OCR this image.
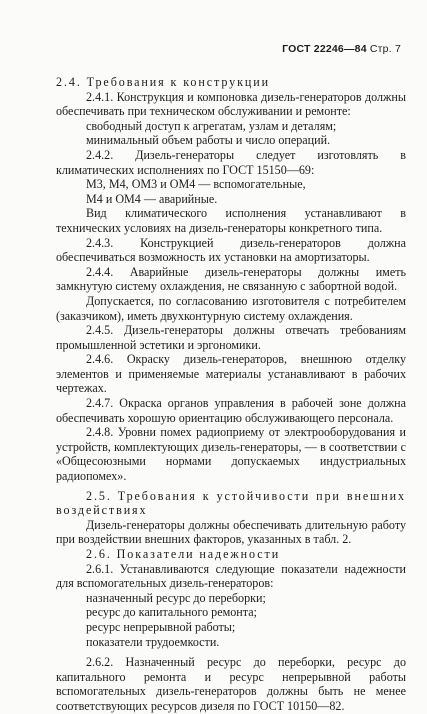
ГОСТ 22246—84 Стр. 7

2.4. Требования к конструкции

2.4.1. Конструкция и компоновка дизель-генераторов должны обеспечивать при техническом обслуживании и ремонте:

свободный доступ к агрегатам, узлам и деталям;

минимальный объем работы и число операций.

2.4.2. Дизель-генераторы следует изготовлять в климатических исполнениях по ГОСТ 15150—69:

М3, М4, ОМ3 и ОМ4 — вспомогательные,

М4 и ОМ4 — аварийные.

Вид климатического исполнения устанавливают в технических условиях на дизель-генераторы конкретного типа.

2.4.3. Конструкцией дизель-генераторов должна обеспечиваться возможность их установки на амортизаторы.

2.4.4. Аварийные дизель-генераторы должны иметь замкнутую систему охлаждения, не связанную с забортной водой.

Допускается, по согласованию изготовителя с потребителем (заказчиком), иметь двухконтурную систему охлаждения.

2.4.5. Дизель-генераторы должны отвечать требованиям промышленной эстетики и эргономики.

2.4.6. Окраску дизель-генераторов, внешнюю отделку элементов и применяемые материалы устанавливают в рабочих чертежах.

2.4.7. Окраска органов управления в рабочей зоне должна обеспечивать хорошую ориентацию обслуживающего персонала.

2.4.8. Уровни помех радиоприему от электрооборудования и устройств, комплектующих дизель-генераторы, — в соответствии с «Общесоюзными нормами допускаемых индустриальных радиопомех».

2.5. Требования к устойчивости при внешних воздействиях

Дизель-генераторы должны обеспечивать длительную работу при воздействии внешних факторов, указанных в табл. 2.

2.6. Показатели надежности

2.6.1. Устанавливаются следующие показатели надежности для вспомогательных дизель-генераторов:

назначенный ресурс до переборки;

ресурс до капитального ремонта;

ресурс непрерывной работы;

показатели трудоемкости.

2.6.2. Назначенный ресурс до переборки, ресурс до капитального ремонта и ресурс непрерывной работы вспомогательных дизель-генераторов должны быть не менее соответствующих ресурсов дизеля по ГОСТ 10150—82.
